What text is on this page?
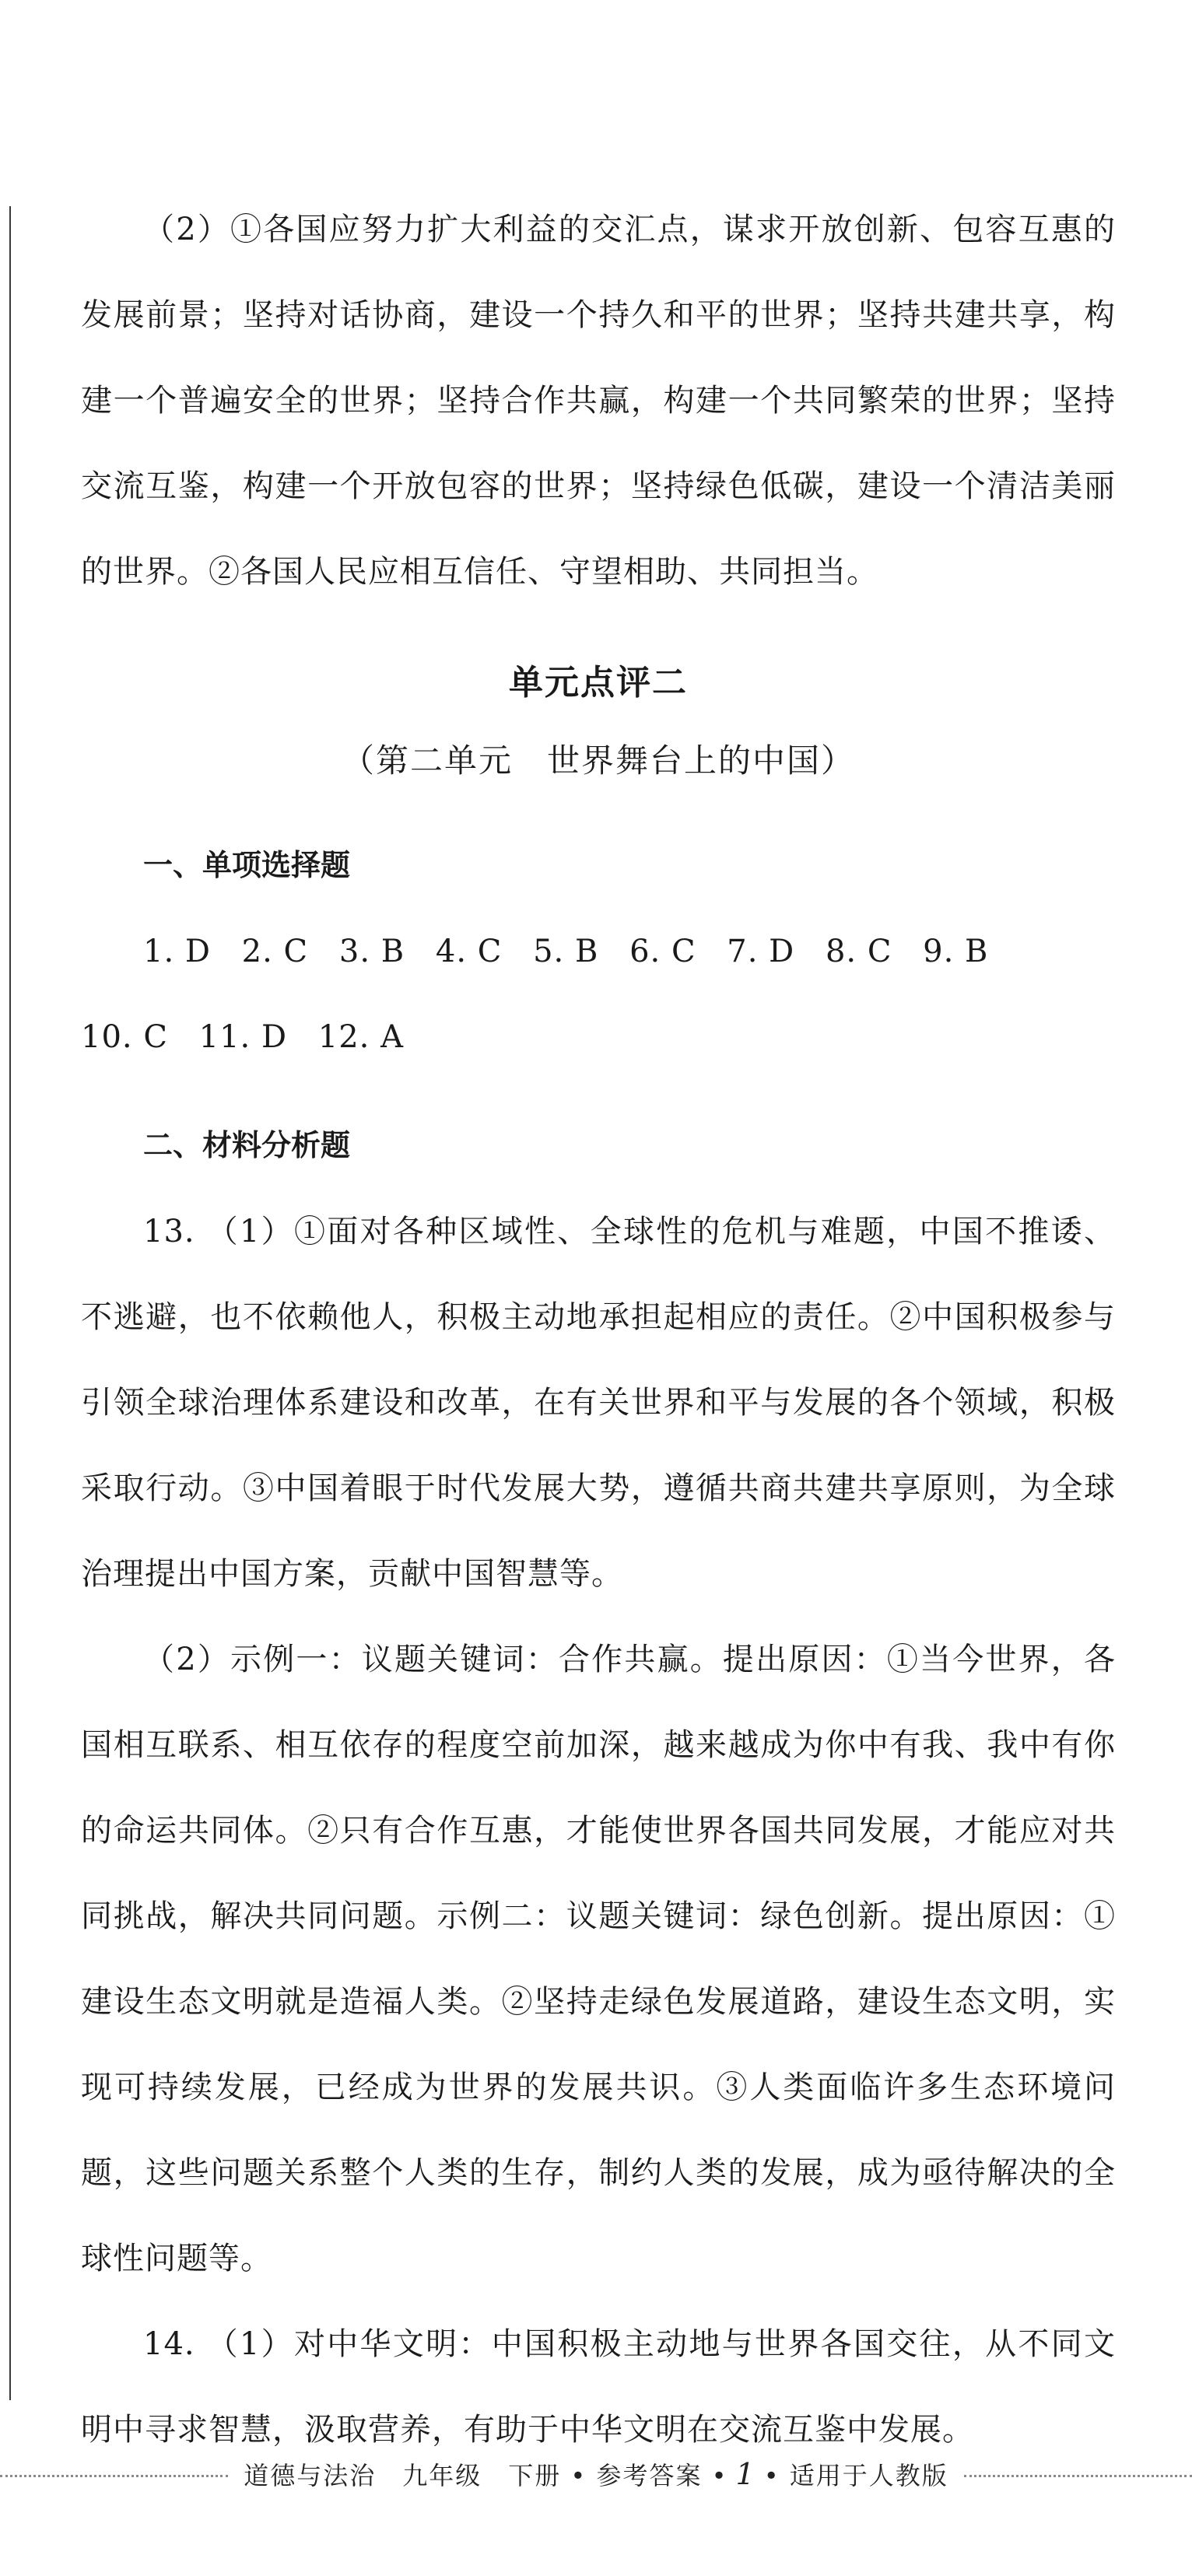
（2）①各国应努力扩大利益的交汇点，谋求开放创新、包容互惠的发展前景；坚持对话协商，建设一个持久和平的世界；坚持共建共享，构建一个普遍安全的世界；坚持合作共赢，构建一个共同繁荣的世界；坚持交流互鉴，构建一个开放包容的世界；坚持绿色低碳，建设一个清洁美丽的世界。②各国人民应相互信任、守望相助、共同担当。

单元点评二
（第二单元　世界舞台上的中国）
一、单项选择题

1. D 2. C 3. B 4. C 5. B 6. C 7. D 8. C 9. B

10. C 11. D 12. A

二、材料分析题

13. （1）①面对各种区域性、全球性的危机与难题，中国不推诿、不逃避，也不依赖他人，积极主动地承担起相应的责任。②中国积极参与引领全球治理体系建设和改革，在有关世界和平与发展的各个领域，积极采取行动。③中国着眼于时代发展大势，遵循共商共建共享原则，为全球治理提出中国方案，贡献中国智慧等。

（2）示例一：议题关键词：合作共赢。提出原因：①当今世界，各国相互联系、相互依存的程度空前加深，越来越成为你中有我、我中有你的命运共同体。②只有合作互惠，才能使世界各国共同发展，才能应对共同挑战，解决共同问题。示例二：议题关键词：绿色创新。提出原因：①建设生态文明就是造福人类。②坚持走绿色发展道路，建设生态文明，实现可持续发展，已经成为世界的发展共识。③人类面临许多生态环境问题，这些问题关系整个人类的生存，制约人类的发展，成为亟待解决的全球性问题等。

14. （1）对中华文明：中国积极主动地与世界各国交往，从不同文明中寻求智慧，汲取营养，有助于中华文明在交流互鉴中发展。

道德与法治　九年级　下册 • 参考答案 • 1 • 适用于人教版
